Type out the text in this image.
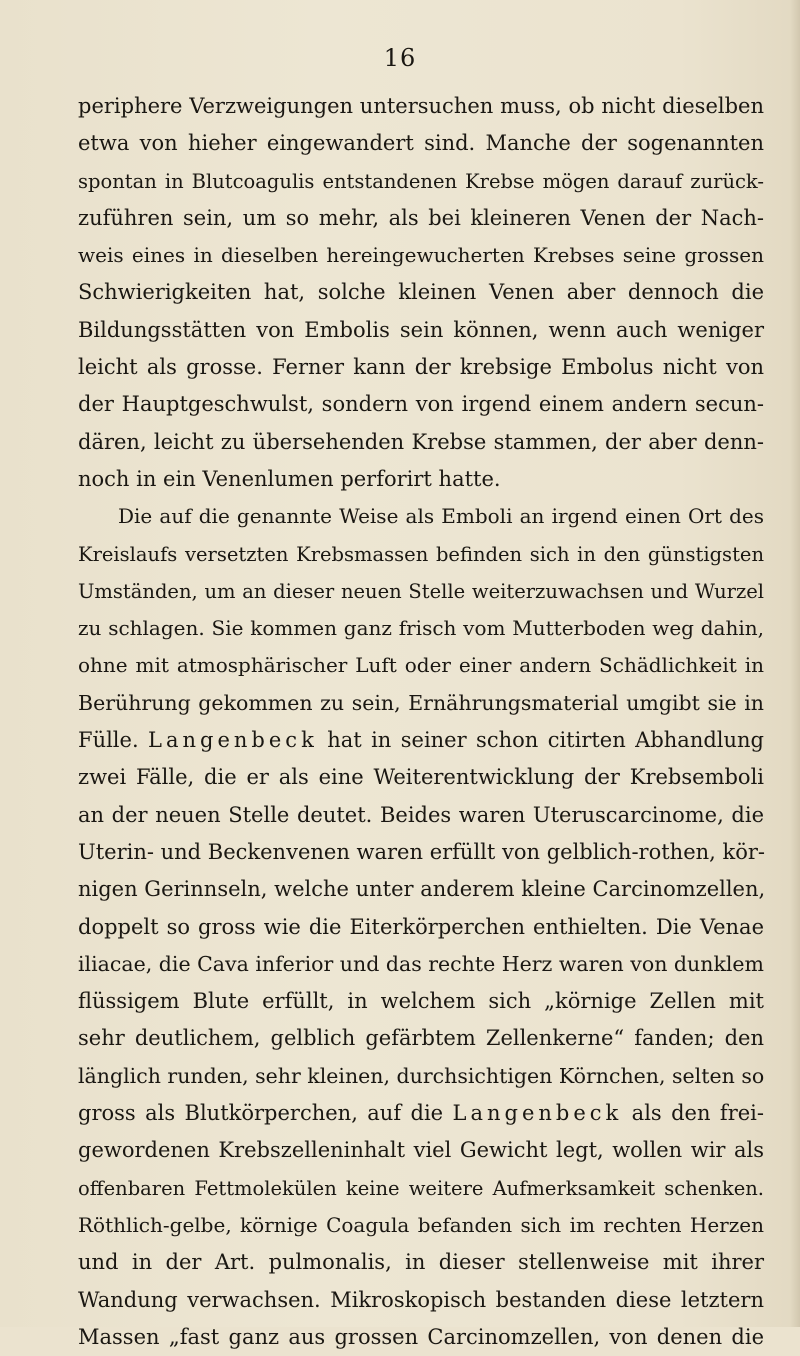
16
periphere Verzweigungen untersuchen muss, ob nicht dieselben
etwa von hieher eingewandert sind. Manche der sogenannten
spontan in Blutcoagulis entstandenen Krebse mögen darauf zurück-
zuführen sein, um so mehr, als bei kleineren Venen der Nach-
weis eines in dieselben hereingewucherten Krebses seine grossen
Schwierigkeiten hat, solche kleinen Venen aber dennoch die
Bildungsstätten von Embolis sein können, wenn auch weniger
leicht als grosse. Ferner kann der krebsige Embolus nicht von
der Hauptgeschwulst, sondern von irgend einem andern secun-
dären, leicht zu übersehenden Krebse stammen, der aber denn-
noch in ein Venenlumen perforirt hatte.
Die auf die genannte Weise als Emboli an irgend einen Ort des
Kreislaufs versetzten Krebsmassen befinden sich in den günstigsten
Umständen, um an dieser neuen Stelle weiterzuwachsen und Wurzel
zu schlagen. Sie kommen ganz frisch vom Mutterboden weg dahin,
ohne mit atmosphärischer Luft oder einer andern Schädlichkeit in
Berührung gekommen zu sein, Ernährungsmaterial umgibt sie in
Fülle. Langenbeck hat in seiner schon citirten Abhandlung
zwei Fälle, die er als eine Weiterentwicklung der Krebsemboli
an der neuen Stelle deutet. Beides waren Uteruscarcinome, die
Uterin- und Beckenvenen waren erfüllt von gelblich-rothen, kör-
nigen Gerinnseln, welche unter anderem kleine Carcinomzellen,
doppelt so gross wie die Eiterkörperchen enthielten. Die Venae
iliacae, die Cava inferior und das rechte Herz waren von dunklem
flüssigem Blute erfüllt, in welchem sich „körnige Zellen mit
sehr deutlichem, gelblich gefärbtem Zellenkerne“ fanden; den
länglich runden, sehr kleinen, durchsichtigen Körnchen, selten so
gross als Blutkörperchen, auf die Langenbeck als den frei-
gewordenen Krebszelleninhalt viel Gewicht legt, wollen wir als
offenbaren Fettmolekülen keine weitere Aufmerksamkeit schenken.
Röthlich-gelbe, körnige Coagula befanden sich im rechten Herzen
und in der Art. pulmonalis, in dieser stellenweise mit ihrer
Wandung verwachsen. Mikroskopisch bestanden diese letztern
Massen „fast ganz aus grossen Carcinomzellen, von denen die
